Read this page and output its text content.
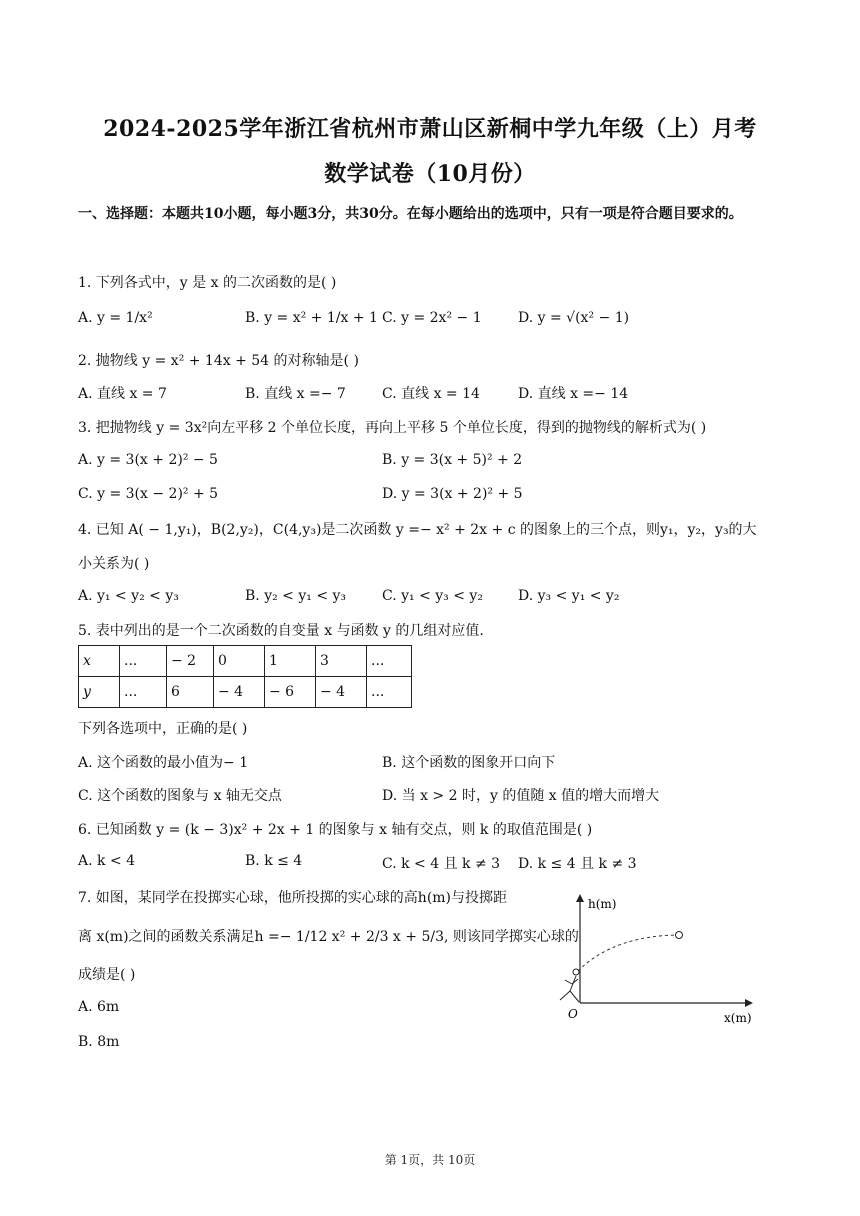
2024-2025学年浙江省杭州市萧山区新桐中学九年级（上）月考
数学试卷（10月份）
一、选择题：本题共10小题，每小题3分，共30分。在每小题给出的选项中，只有一项是符合题目要求的。
1. 下列各式中，y 是 x 的二次函数的是( )
A. y = 1/x²	B. y = x² + 1/x + 1 C. y = 2x² − 1	D. y = √(x² − 1)
2. 抛物线 y = x² + 14x + 54 的对称轴是( )
A. 直线 x = 7	B. 直线 x =− 7	C. 直线 x = 14	D. 直线 x =− 14
3. 把抛物线 y = 3x²向左平移 2 个单位长度，再向上平移 5 个单位长度，得到的抛物线的解析式为( )
A. y = 3(x + 2)² − 5	B. y = 3(x + 5)² + 2
C. y = 3(x − 2)² + 5	D. y = 3(x + 2)² + 5
4. 已知 A( − 1,y₁)，B(2,y₂)，C(4,y₃)是二次函数 y =− x² + 2x + c 的图象上的三个点，则y₁，y₂，y₃的大
小关系为( )
A. y₁ < y₂ < y₃	B. y₂ < y₁ < y₃	C. y₁ < y₃ < y₂	D. y₃ < y₁ < y₂
5. 表中列出的是一个二次函数的自变量 x 与函数 y 的几组对应值.
x	...	− 2	0	1	3	...
y	...	6	− 4	− 6	− 4	...
下列各选项中，正确的是( )
A. 这个函数的最小值为− 1	B. 这个函数的图象开口向下
C. 这个函数的图象与 x 轴无交点	D. 当 x > 2 时，y 的值随 x 值的增大而增大
6. 已知函数 y = (k − 3)x² + 2x + 1 的图象与 x 轴有交点，则 k 的取值范围是( )
A. k < 4	B. k ≤ 4	C. k < 4 且 k ≠ 3 D. k ≤ 4 且 k ≠ 3
7. 如图，某同学在投掷实心球，他所投掷的实心球的高h(m)与投掷距
离 x(m)之间的函数关系满足h =− 1/12 x² + 2/3 x + 5/3, 则该同学掷实心球的
成绩是( )
A. 6m
B. 8m
h(m)
x(m)
O
第 1页，共 10页
